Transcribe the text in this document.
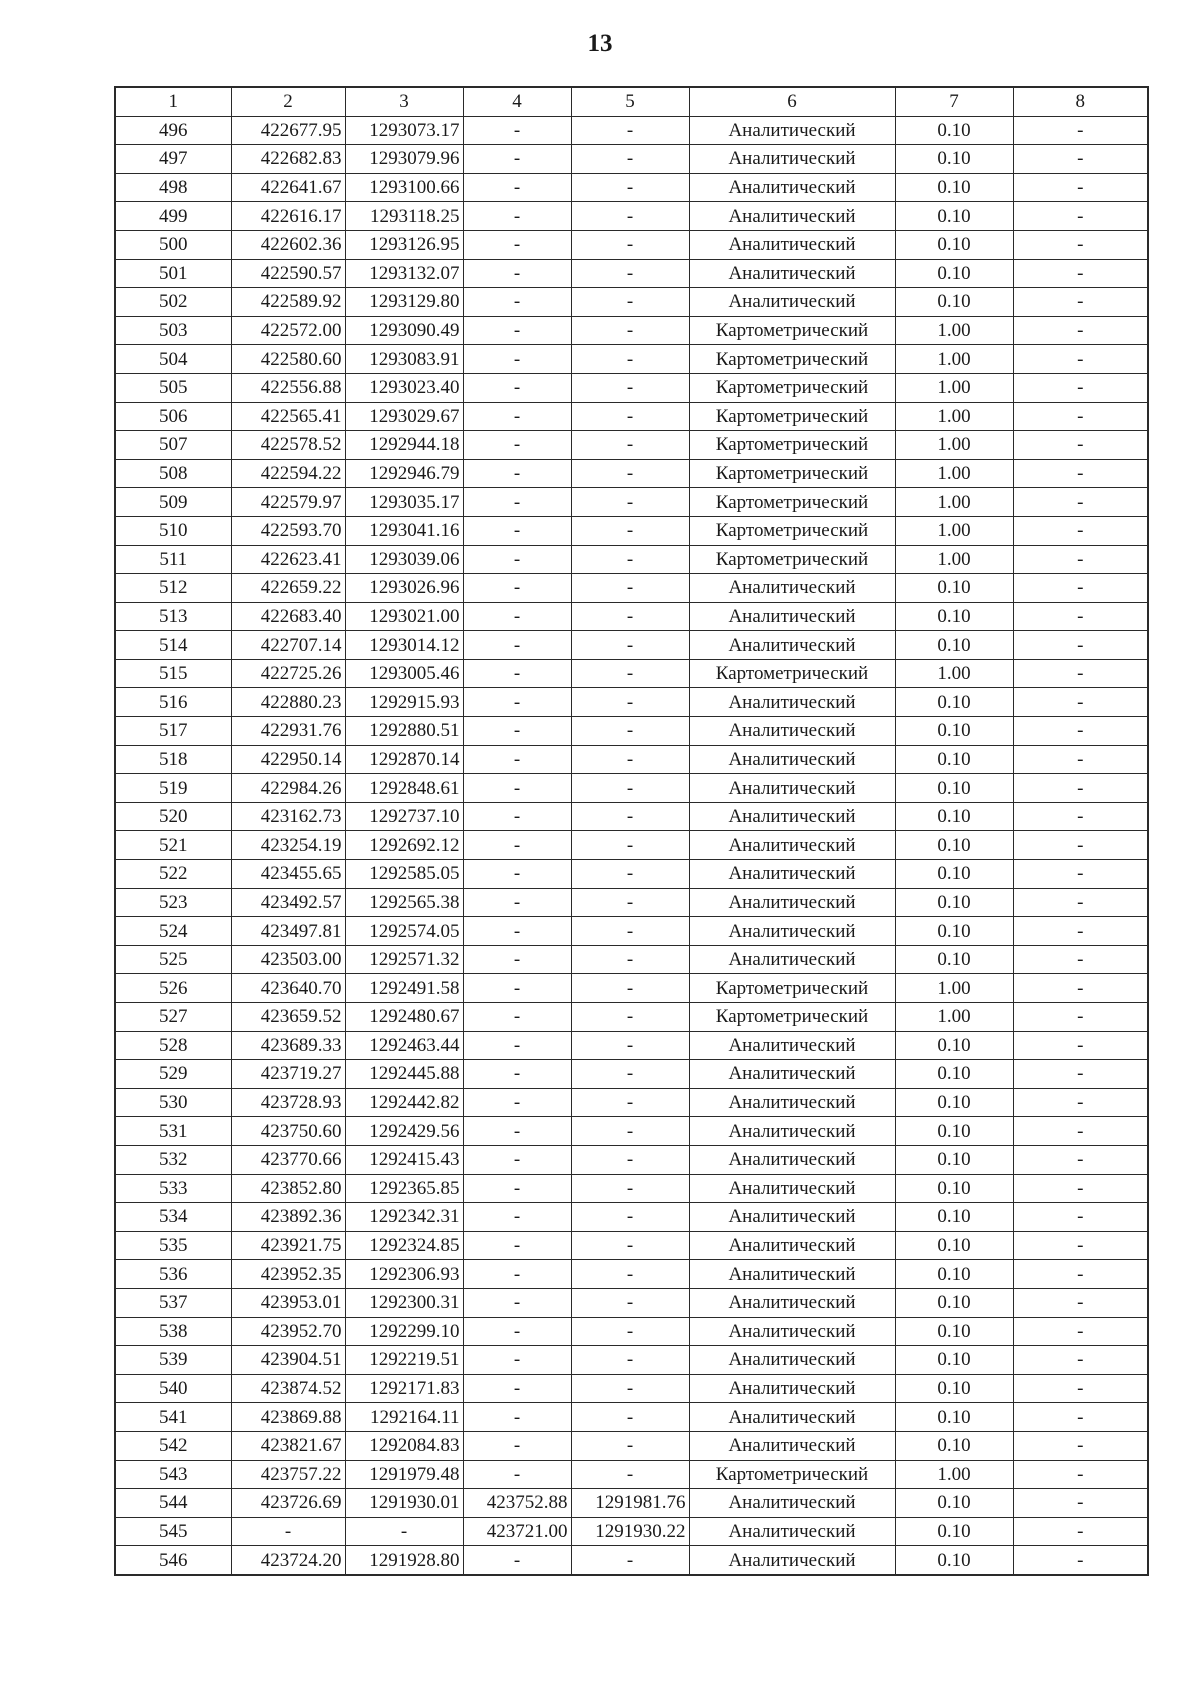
13
1	2	3	4	5	6	7	8
496	422677.95	1293073.17	-	-	Аналитический	0.10	-
497	422682.83	1293079.96	-	-	Аналитический	0.10	-
498	422641.67	1293100.66	-	-	Аналитический	0.10	-
499	422616.17	1293118.25	-	-	Аналитический	0.10	-
500	422602.36	1293126.95	-	-	Аналитический	0.10	-
501	422590.57	1293132.07	-	-	Аналитический	0.10	-
502	422589.92	1293129.80	-	-	Аналитический	0.10	-
503	422572.00	1293090.49	-	-	Картометрический	1.00	-
504	422580.60	1293083.91	-	-	Картометрический	1.00	-
505	422556.88	1293023.40	-	-	Картометрический	1.00	-
506	422565.41	1293029.67	-	-	Картометрический	1.00	-
507	422578.52	1292944.18	-	-	Картометрический	1.00	-
508	422594.22	1292946.79	-	-	Картометрический	1.00	-
509	422579.97	1293035.17	-	-	Картометрический	1.00	-
510	422593.70	1293041.16	-	-	Картометрический	1.00	-
511	422623.41	1293039.06	-	-	Картометрический	1.00	-
512	422659.22	1293026.96	-	-	Аналитический	0.10	-
513	422683.40	1293021.00	-	-	Аналитический	0.10	-
514	422707.14	1293014.12	-	-	Аналитический	0.10	-
515	422725.26	1293005.46	-	-	Картометрический	1.00	-
516	422880.23	1292915.93	-	-	Аналитический	0.10	-
517	422931.76	1292880.51	-	-	Аналитический	0.10	-
518	422950.14	1292870.14	-	-	Аналитический	0.10	-
519	422984.26	1292848.61	-	-	Аналитический	0.10	-
520	423162.73	1292737.10	-	-	Аналитический	0.10	-
521	423254.19	1292692.12	-	-	Аналитический	0.10	-
522	423455.65	1292585.05	-	-	Аналитический	0.10	-
523	423492.57	1292565.38	-	-	Аналитический	0.10	-
524	423497.81	1292574.05	-	-	Аналитический	0.10	-
525	423503.00	1292571.32	-	-	Аналитический	0.10	-
526	423640.70	1292491.58	-	-	Картометрический	1.00	-
527	423659.52	1292480.67	-	-	Картометрический	1.00	-
528	423689.33	1292463.44	-	-	Аналитический	0.10	-
529	423719.27	1292445.88	-	-	Аналитический	0.10	-
530	423728.93	1292442.82	-	-	Аналитический	0.10	-
531	423750.60	1292429.56	-	-	Аналитический	0.10	-
532	423770.66	1292415.43	-	-	Аналитический	0.10	-
533	423852.80	1292365.85	-	-	Аналитический	0.10	-
534	423892.36	1292342.31	-	-	Аналитический	0.10	-
535	423921.75	1292324.85	-	-	Аналитический	0.10	-
536	423952.35	1292306.93	-	-	Аналитический	0.10	-
537	423953.01	1292300.31	-	-	Аналитический	0.10	-
538	423952.70	1292299.10	-	-	Аналитический	0.10	-
539	423904.51	1292219.51	-	-	Аналитический	0.10	-
540	423874.52	1292171.83	-	-	Аналитический	0.10	-
541	423869.88	1292164.11	-	-	Аналитический	0.10	-
542	423821.67	1292084.83	-	-	Аналитический	0.10	-
543	423757.22	1291979.48	-	-	Картометрический	1.00	-
544	423726.69	1291930.01	423752.88	1291981.76	Аналитический	0.10	-
545	-	-	423721.00	1291930.22	Аналитический	0.10	-
546	423724.20	1291928.80	-	-	Аналитический	0.10	-
